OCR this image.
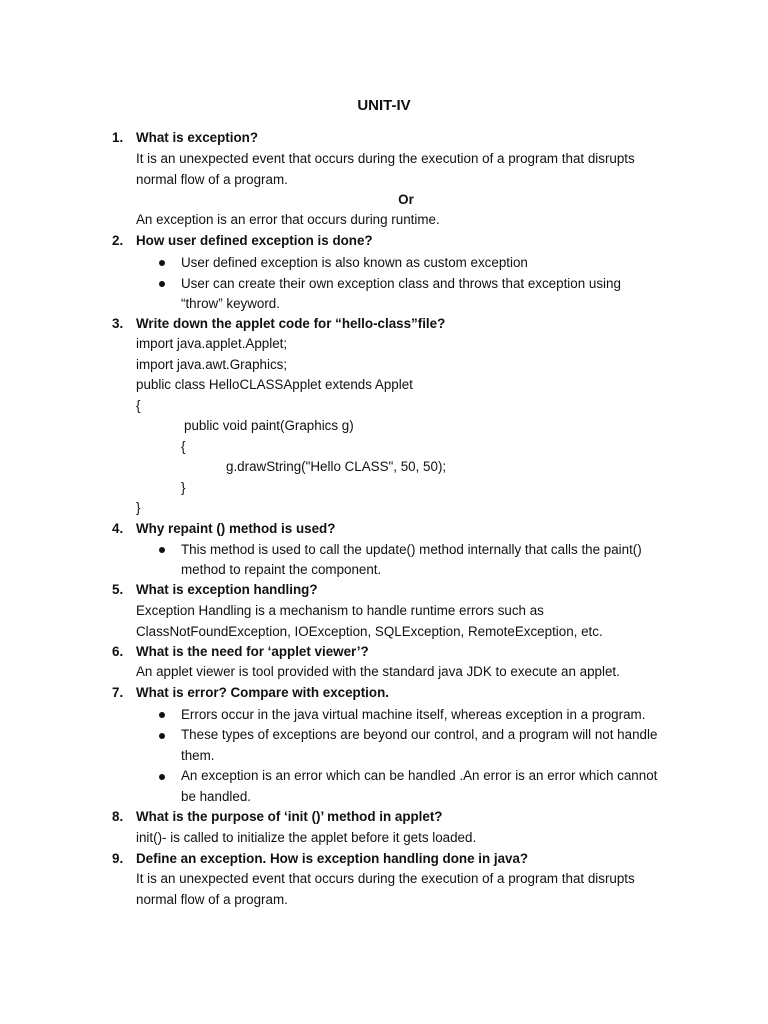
UNIT-IV
1. What is exception?
It is an unexpected event that occurs during the execution of a program that disrupts
normal flow of a program.
Or
An exception is an error that occurs during runtime.
2. How user defined exception is done?
User defined exception is also known as custom exception
User can create their own exception class and throws that exception using
“throw” keyword.
3. Write down the applet code for “hello-class”file?
import java.applet.Applet;
import java.awt.Graphics;
public class HelloCLASSApplet extends Applet
{
public void paint(Graphics g)
{
g.drawString("Hello CLASS", 50, 50);
}
}
4. Why repaint () method is used?
This method is used to call the update() method internally that calls the paint()
method to repaint the component.
5. What is exception handling?
Exception Handling is a mechanism to handle runtime errors such as
ClassNotFoundException, IOException, SQLException, RemoteException, etc.
6. What is the need for ‘applet viewer’?
An applet viewer is tool provided with the standard java JDK to execute an applet.
7. What is error? Compare with exception.
Errors occur in the java virtual machine itself, whereas exception in a program.
These types of exceptions are beyond our control, and a program will not handle
them.
An exception is an error which can be handled .An error is an error which cannot
be handled.
8. What is the purpose of ‘init ()’ method in applet?
init()- is called to initialize the applet before it gets loaded.
9. Define an exception. How is exception handling done in java?
It is an unexpected event that occurs during the execution of a program that disrupts
normal flow of a program.
